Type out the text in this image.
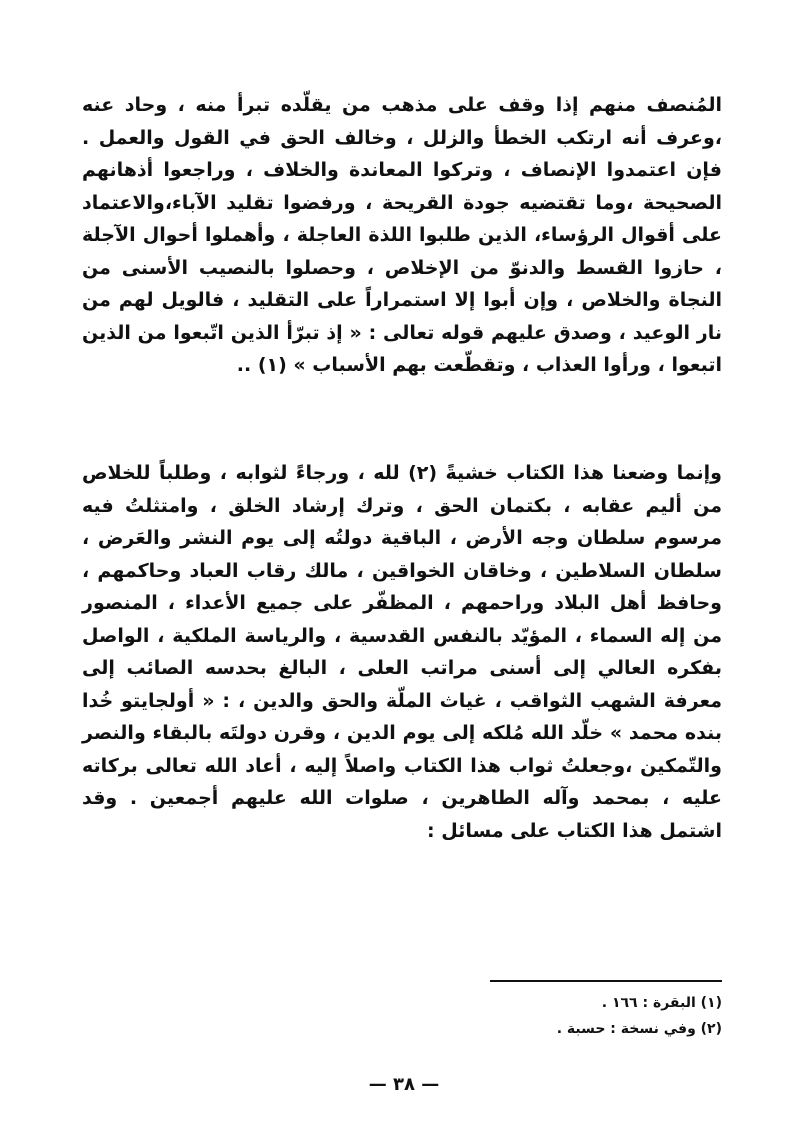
المُنصف منهم إذا وقف على مذهب من يقلّده تبرأ منه ، وحاد عنه ،وعرف أنه ارتكب الخطأ والزلل ، وخالف الحق في القول والعمل . فإن اعتمدوا الإنصاف ، وتركوا المعاندة والخلاف ، وراجعوا أذهانهم الصحيحة ،وما تقتضيه جودة القريحة ، ورفضوا تقليد الآباء،والاعتماد على أقوال الرؤساء، الذين طلبوا اللذة العاجلة ، وأهملوا أحوال الآجلة ، حازوا القسط والدنوّ من الإخلاص ، وحصلوا بالنصيب الأسنى من النجاة والخلاص ، وإن أبوا إلا استمراراً على التقليد ، فالويل لهم من نار الوعيد ، وصدق عليهم قوله تعالى : « إذ تبرّأ الذين اتّبعوا من الذين اتبعوا ، ورأوا العذاب ، وتقطّعت بهم الأسباب » (١) ..

وإنما وضعنا هذا الكتاب خشيةً (٢) لله ، ورجاءً لثوابه ، وطلباً للخلاص من أليم عقابه ، بكتمان الحق ، وترك إرشاد الخلق ، وامتثلتُ فيه مرسوم سلطان وجه الأرض ، الباقية دولتُه إلى يوم النشر والعَرض ، سلطان السلاطين ، وخاقان الخواقين ، مالك رقاب العباد وحاكمهم ، وحافظ أهل البلاد وراحمهم ، المظفّر على جميع الأعداء ، المنصور من إله السماء ، المؤيّد بالنفس القدسية ، والرياسة الملكية ، الواصل بفكره العالي إلى أسنى مراتب العلى ، البالغ بحدسه الصائب إلى معرفة الشهب الثواقب ، غياث الملّة والحق والدين ، : « أولجايتو خُدا بنده محمد » خلّد الله مُلكه إلى يوم الدين ، وقرن دولتَه بالبقاء والنصر والتّمكين ،وجعلتُ ثواب هذا الكتاب واصلاً إليه ، أعاد الله تعالى بركاته عليه ، بمحمد وآله الطاهرين ، صلوات الله عليهم أجمعين . وقد اشتمل هذا الكتاب على مسائل :

(١) البقرة : ١٦٦ .
(٢) وفي نسخة : حسبة .
— ٣٨ —
